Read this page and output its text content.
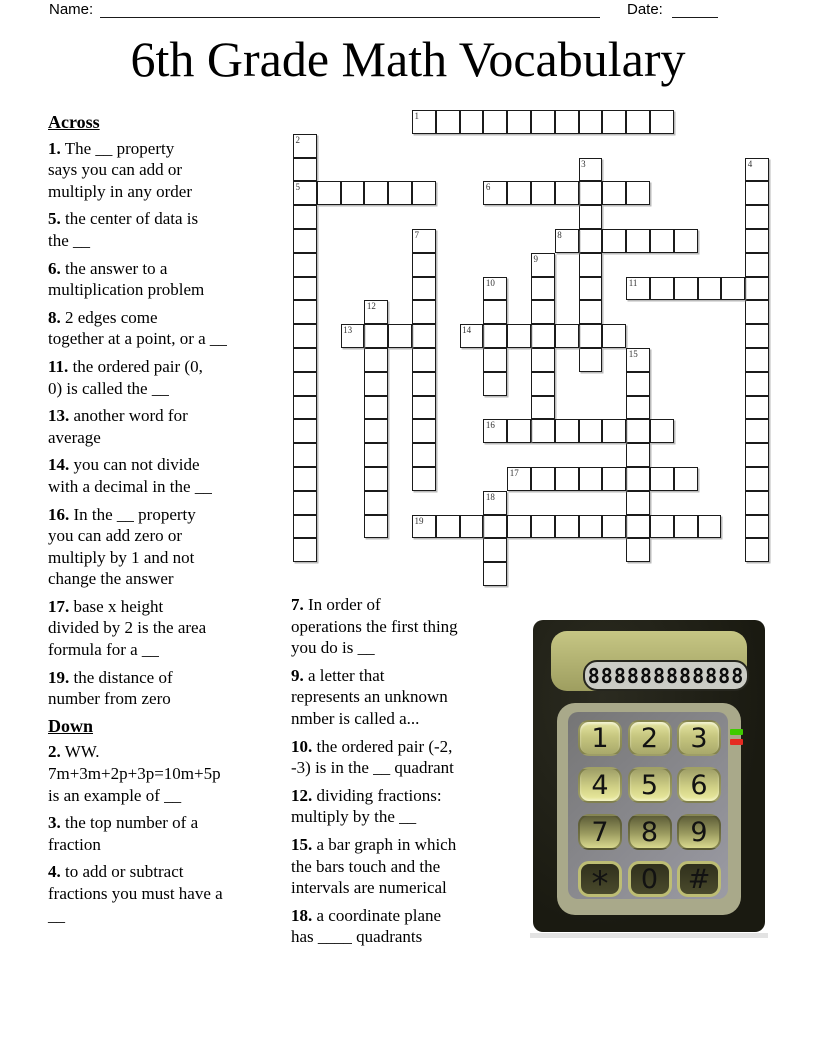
Name:	Date:
6th Grade Math Vocabulary
1
2
5
3	4
6
7	8
9
10	11
12
13	14
15
16
17
18
19
Across
1. The __ property
says you can add or
multiply in any order
5. the center of data is
the __
6. the answer to a
multiplication problem
8. 2 edges come
together at a point, or a __
11. the ordered pair (0,
0) is called the __
13. another word for
average
14. you can not divide
with a decimal in the __
16. In the __ property
you can add zero or
multiply by 1 and not
change the answer
17. base x height
divided by 2 is the area
formula for a __
19. the distance of
number from zero
Down
2. WW.
7m+3m+2p+3p=10m+5p
is an example of __
3. the top number of a
fraction
4. to add or subtract
fractions you must have a
__
7. In order of
operations the first thing
you do is __
9. a letter that
represents an unknown
nmber is called a...
10. the ordered pair (-2,
-3) is in the __ quadrant
12. dividing fractions:
multiply by the __
15. a bar graph in which
the bars touch and the
intervals are numerical
18. a coordinate plane
has ____ quadrants
888888888888
1	2	3
4	5	6
7	8	9
*	0	#
